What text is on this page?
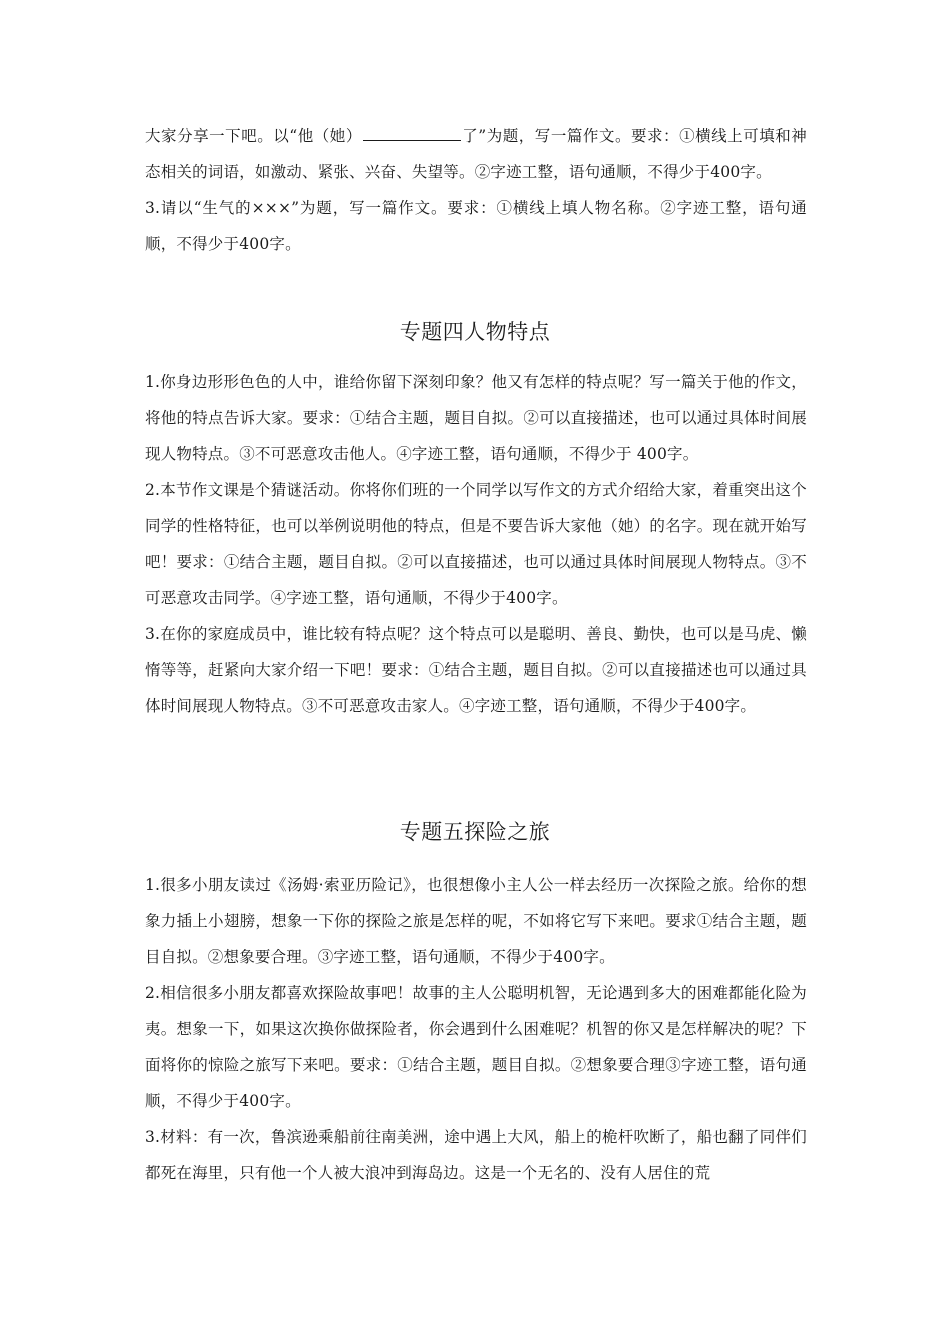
大家分享一下吧。以“他（她）	了”为题，写一篇作文。要求：①横线上可填和神态相关的词语，如激动、紧张、兴奋、失望等。②字迹工整，语句通顺，不得少于400字。

3.请以“生气的×××”为题，写一篇作文。要求：①横线上填人物名称。②字迹工整，语句通顺，不得少于400字。

专题四人物特点

1.你身边形形色色的人中，谁给你留下深刻印象？他又有怎样的特点呢？写一篇关于他的作文，将他的特点告诉大家。要求：①结合主题，题目自拟。②可以直接描述，也可以通过具体时间展现人物特点。③不可恶意攻击他人。④字迹工整，语句通顺，不得少于 400字。

2.本节作文课是个猜谜活动。你将你们班的一个同学以写作文的方式介绍给大家，着重突出这个同学的性格特征，也可以举例说明他的特点，但是不要告诉大家他（她）的名字。现在就开始写吧！要求：①结合主题，题目自拟。②可以直接描述，也可以通过具体时间展现人物特点。③不可恶意攻击同学。④字迹工整，语句通顺，不得少于400字。

3.在你的家庭成员中，谁比较有特点呢？这个特点可以是聪明、善良、勤快，也可以是马虎、懒惰等等，赶紧向大家介绍一下吧！要求：①结合主题，题目自拟。②可以直接描述也可以通过具体时间展现人物特点。③不可恶意攻击家人。④字迹工整，语句通顺，不得少于400字。

专题五探险之旅

1.很多小朋友读过《汤姆·索亚历险记》，也很想像小主人公一样去经历一次探险之旅。给你的想象力插上小翅膀，想象一下你的探险之旅是怎样的呢，不如将它写下来吧。要求①结合主题，题目自拟。②想象要合理。③字迹工整，语句通顺，不得少于400字。

2.相信很多小朋友都喜欢探险故事吧！故事的主人公聪明机智，无论遇到多大的困难都能化险为夷。想象一下，如果这次换你做探险者，你会遇到什么困难呢？机智的你又是怎样解决的呢？下面将你的惊险之旅写下来吧。要求：①结合主题，题目自拟。②想象要合理③字迹工整，语句通顺，不得少于400字。

3.材料：有一次，鲁滨逊乘船前往南美洲，途中遇上大风，船上的桅杆吹断了，船也翻了同伴们都死在海里，只有他一个人被大浪冲到海岛边。这是一个无名的、没有人居住的荒
